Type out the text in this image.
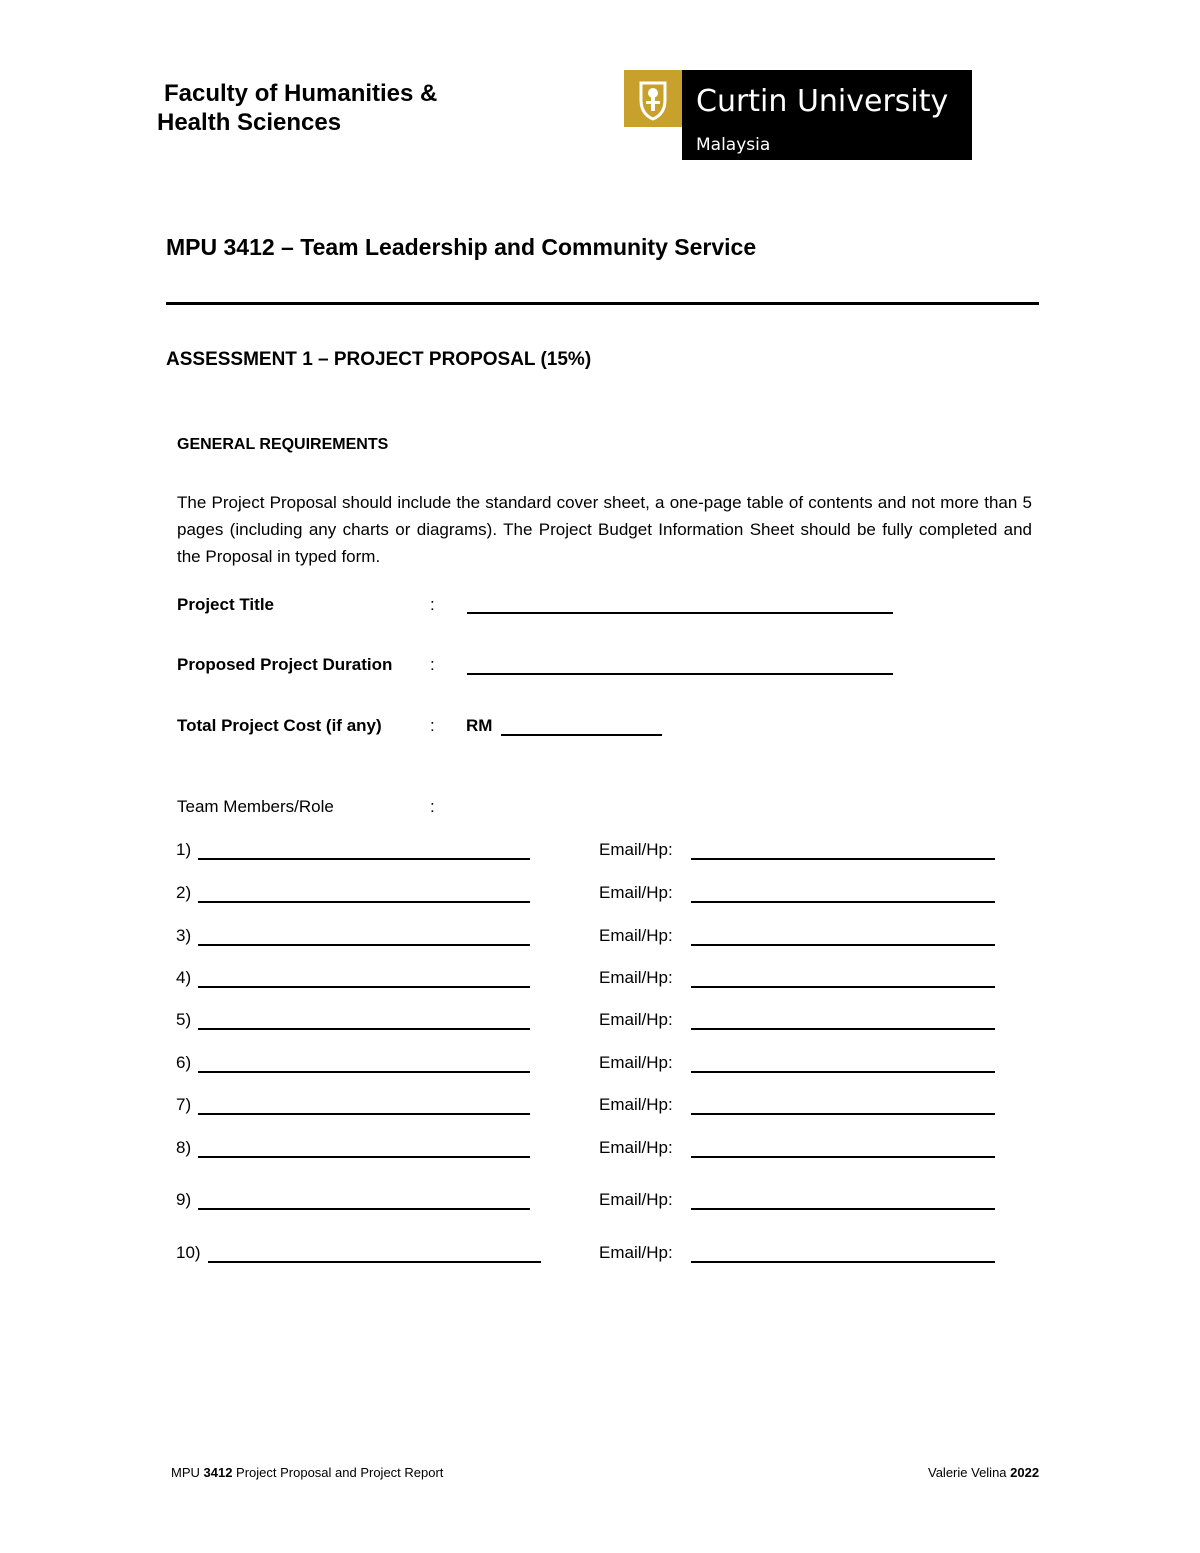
Faculty of Humanities &
Health Sciences
Curtin University
Malaysia
MPU 3412 – Team Leadership and Community Service
ASSESSMENT 1 – PROJECT PROPOSAL (15%)
GENERAL REQUIREMENTS
The Project Proposal should include the standard cover sheet, a one-page table of contents and not more than 5 pages (including any charts or diagrams). The Project Budget Information Sheet should be fully completed and the Proposal in typed form.
Project Title	:
Proposed Project Duration :
Total Project Cost (if any)	: RM
Team Members/Role	:
1)	Email/Hp:
2)	Email/Hp:
3)	Email/Hp:
4)	Email/Hp:
5)	Email/Hp:
6)	Email/Hp:
7)	Email/Hp:
8)	Email/Hp:
9)	Email/Hp:
10)	Email/Hp:
MPU 3412 Project Proposal and Project Report	Valerie Velina 2022
